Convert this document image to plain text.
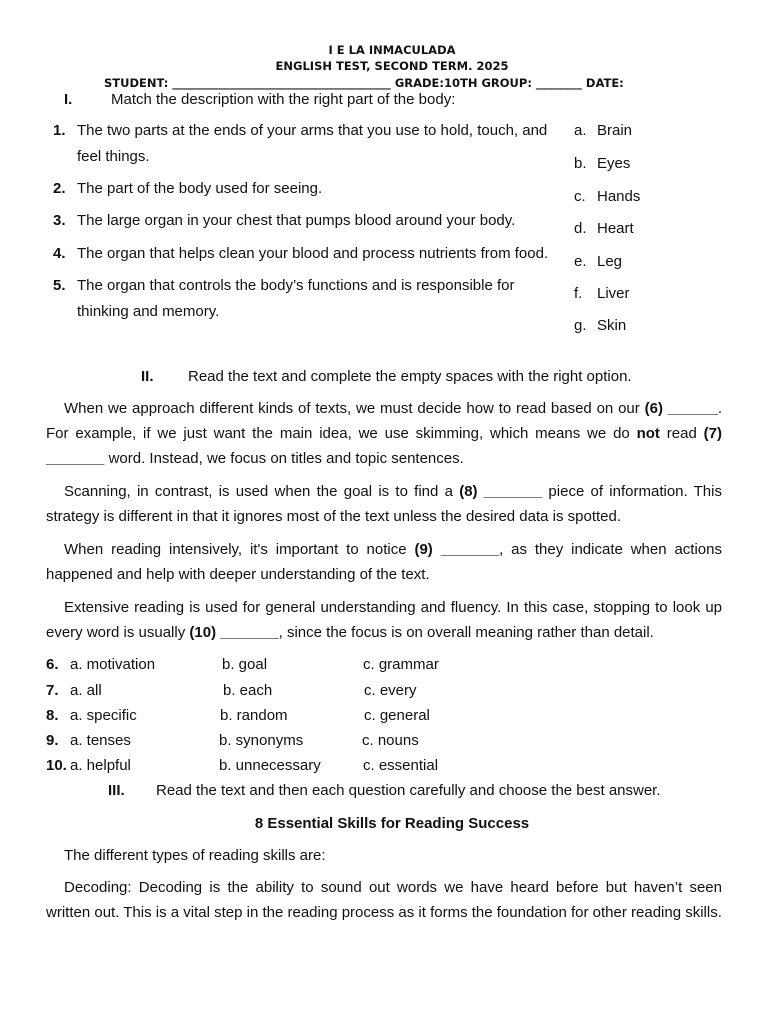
I E LA INMACULADA
ENGLISH TEST, SECOND TERM. 2025
STUDENT: ______________________________________ GRADE:10TH GROUP: ________ DATE:
I.	Match the description with the right part of the body:
1. The two parts at the ends of your arms that you use to hold, touch, and
feel things.
2. The part of the body used for seeing.
3. The large organ in your chest that pumps blood around your body.
4. The organ that helps clean your blood and process nutrients from food.
5. The organ that controls the body’s functions and is responsible for
thinking and memory.
a. Brain
b. Eyes
c. Hands
d. Heart
e. Leg
f. Liver
g. Skin
II. Read the text and complete the empty spaces with the right option.
When we approach different kinds of texts, we must decide how to read based on our (6) ______. For example, if we just want the main idea, we use skimming, which means we do not read (7) _______ word. Instead, we focus on titles and topic sentences.
Scanning, in contrast, is used when the goal is to find a (8) _______ piece of information. This strategy is different in that it ignores most of the text unless the desired data is spotted.
When reading intensively, it's important to notice (9) _______, as they indicate when actions happened and help with deeper understanding of the text.
Extensive reading is used for general understanding and fluency. In this case, stopping to look up every word is usually (10) _______, since the focus is on overall meaning rather than detail.
6. a. motivation	b. goal	c. grammar
7. a. all	b. each	c. every
8. a. specific	b. random	c. general
9. a. tenses	b. synonyms	c. nouns
10. a. helpful	b. unnecessary	c. essential
III. Read the text and then each question carefully and choose the best answer.
8 Essential Skills for Reading Success
The different types of reading skills are:
Decoding: Decoding is the ability to sound out words we have heard before but haven’t seen written out. This is a vital step in the reading process as it forms the foundation for other reading skills.
